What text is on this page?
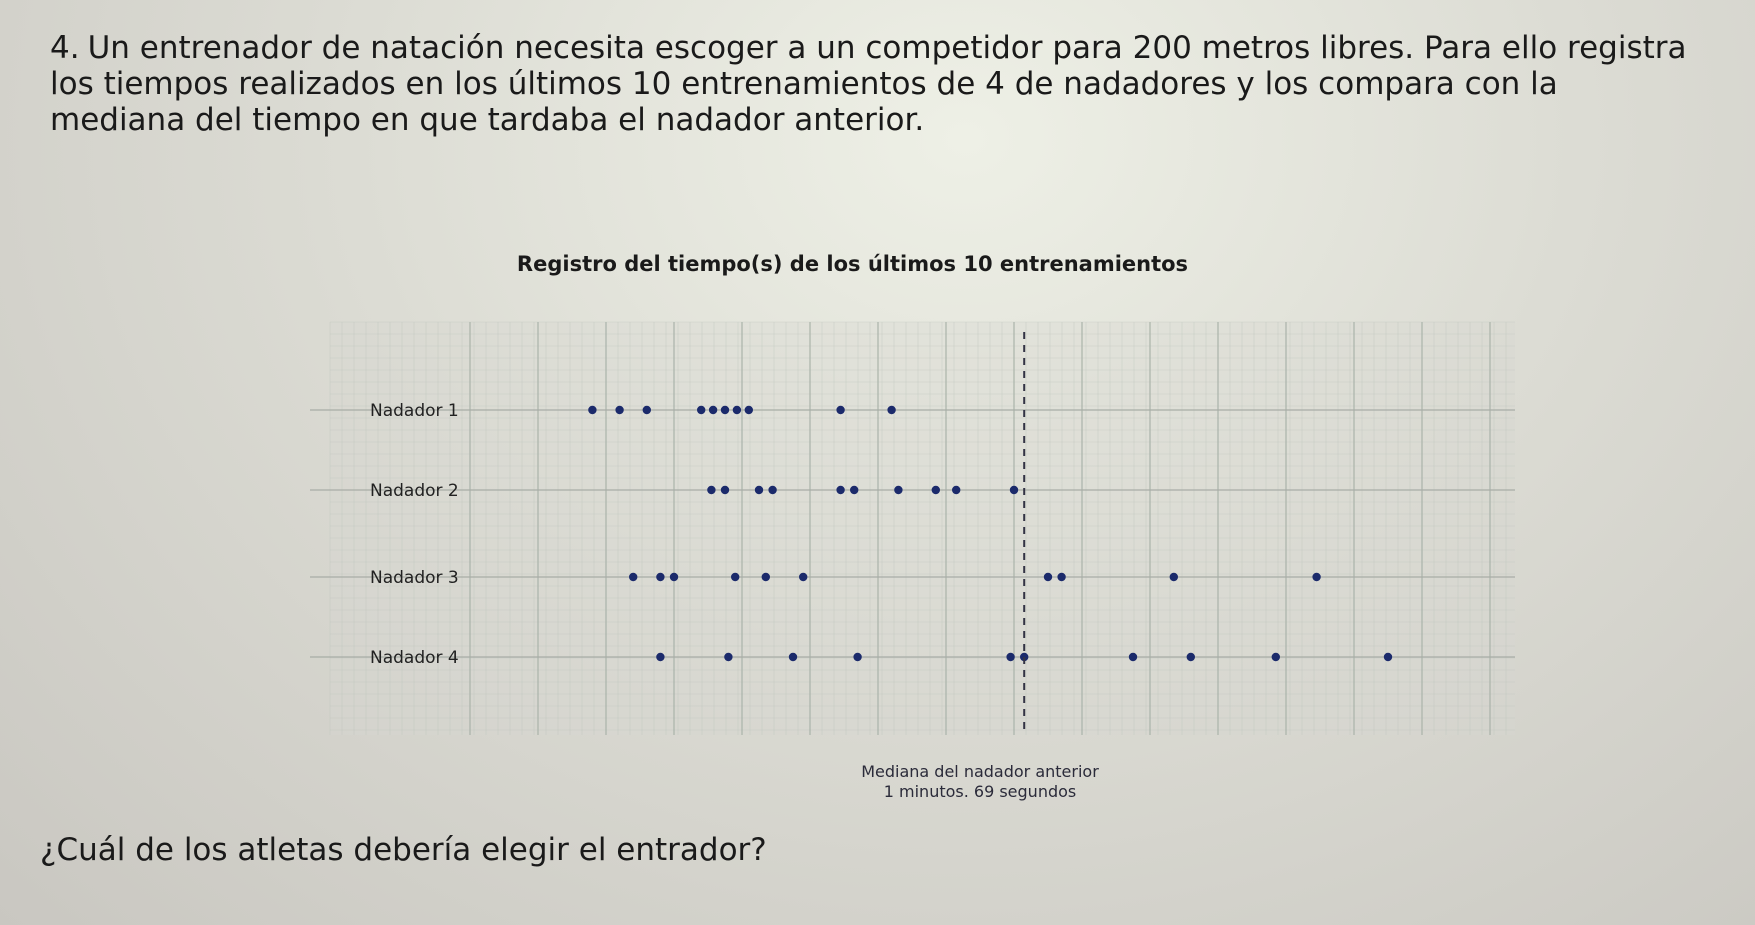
4. Un entrenador de natación necesita escoger a un competidor para 200 metros libres. Para ello registra los tiempos realizados en los últimos 10 entrenamientos de 4 de nadadores y los compara con la mediana del tiempo en que tardaba el nadador anterior.

Registro del tiempo(s) de los últimos 10 entrenamientos
Nadador 1
Nadador 2
Nadador 3
Nadador 4
Mediana del nadador anterior
1 minutos. 69 segundos
¿Cuál de los atletas debería elegir el entrador?
